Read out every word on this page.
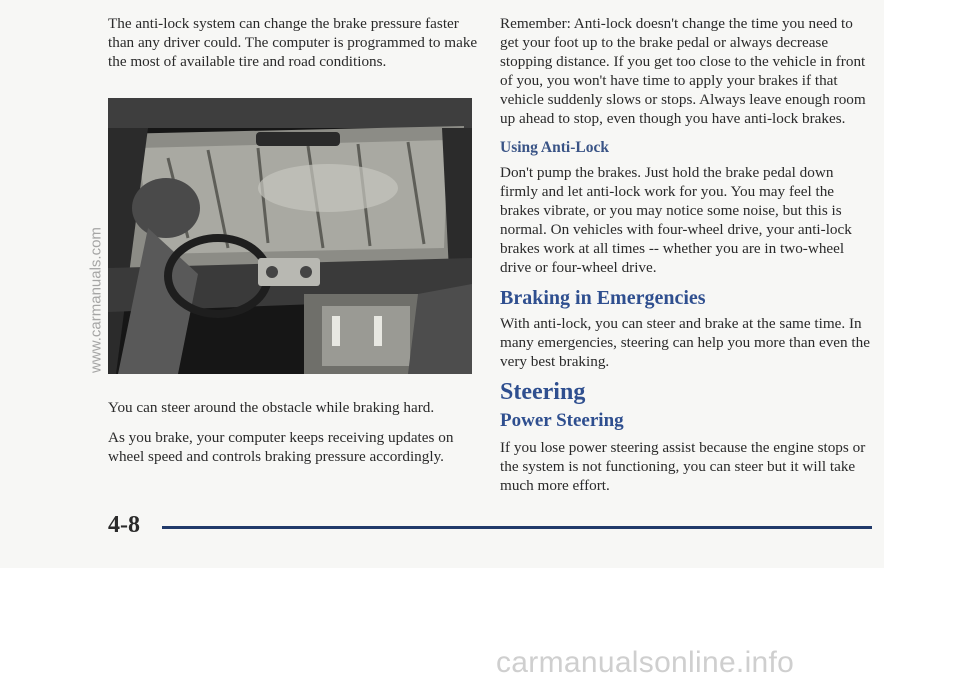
The anti-lock system can change the brake pressure faster than any driver could. The computer is programmed to make the most of available tire and road conditions.

You can steer around the obstacle while braking hard.

As you brake, your computer keeps receiving updates on wheel speed and controls braking pressure accordingly.

Remember: Anti-lock doesn't change the time you need to get your foot up to the brake pedal or always decrease stopping distance. If you get too close to the vehicle in front of you, you won't have time to apply your brakes if that vehicle suddenly slows or stops. Always leave enough room up ahead to stop, even though you have anti-lock brakes.

Using Anti-Lock

Don't pump the brakes. Just hold the brake pedal down firmly and let anti-lock work for you. You may feel the brakes vibrate, or you may notice some noise, but this is normal. On vehicles with four-wheel drive, your anti-lock brakes work at all times -- whether you are in two-wheel drive or four-wheel drive.

Braking in Emergencies

With anti-lock, you can steer and brake at the same time. In many emergencies, steering can help you more than even the very best braking.

Steering
Power Steering

If you lose power steering assist because the engine stops or the system is not functioning, you can steer but it will take much more effort.

4-8
www.carmanuals.com
carmanualsonline.info
